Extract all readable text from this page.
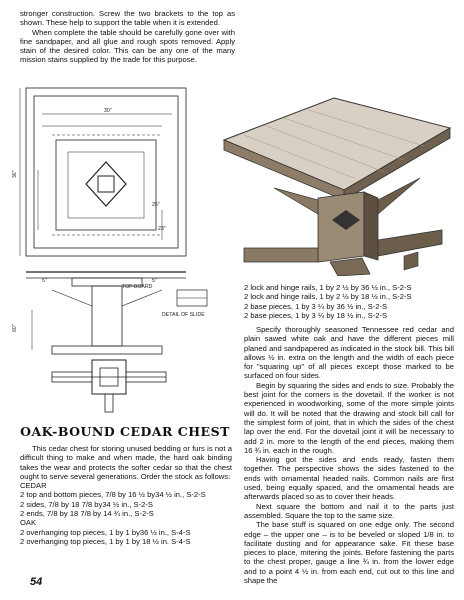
stronger construction. Screw the two brackets to the top as shown. These help to support the table when it is extended.

When complete the table should be carefully gone over with fine sandpaper, and all glue and rough spots removed. Apply stain of the desired color. This can be any one of the many mission stains supplied by the trade for this purpose.

30"
23"
5"	5"
25"
TOP BOARD
DETAIL OF SLIDE
36"
60"
OAK-BOUND CEDAR CHEST

This cedar chest for storing unused bedding or furs is not a difficult thing to make and when made, the hard oak binding takes the wear and protects the softer cedar so that the chest ought to serve several generations. Order the stock as follows:

CEDAR

2 top and bottom pieces, 7/8 by 16 ½ by34 ½ in., S-2-S

2 sides, 7/8 by 18 7/8 by34 ½ in., S-2-S

2 ends, 7/8 by 18 7/8 by 14 ¾ in., S-2-S

OAK

2 overhanging top pieces, 1 by 1 by36 ½ in., S-4-S

2 overhanging top pieces, 1 by 1 by 18 ½ in. S-4-S

2 lock and hinge rails, 1 by 2 ½ by 36 ½ in., S-2-S

2 lock and hinge rails, 1 by 2 ½ by 18 ½ in., S-2-S

2 base pieces, 1 by 3 ¼ by 36 ½ in., S-2-S

2 base pieces, 1 by 3 ¼ by 18 ½ in., S-2-S

Specify thoroughly seasoned Tennessee red cedar and plain sawed white oak and have the different pieces mill planed and sandpapered as indicated in the stock bill. This bill allows ½ in. extra on the length and the width of each piece for "squaring up" of all pieces except those marked to be surfaced on four sides.

Begin by squaring the sides and ends to size. Probably the best joint for the corners is the dovetail. If the worker is not experienced in woodworking, some of the more simple joints will do. It will be noted that the drawing and stock bill call for the simplest form of joint, that in which the sides of the chest lap over the end. For the dovetail joint it will be necessary to add 2 in. more to the length of the end pieces, making them 16 ¾ in. each in the rough.

Having got the sides and ends ready, fasten them together. The perspective shows the sides fastened to the ends with ornamental headed nails. Common nails are first used, being equally spaced, and the ornamental heads are afterwards placed so as to cover their heads.

Next square the bottom and nail it to the parts just assembled. Square the top to the same size.

The base stuff is squared on one edge only. The second edge – the upper one – is to be beveled or sloped 1/8 in. to facilitate dusting and for appearance sake. Fit these base pieces to place, mitering the joints. Before fastening the parts to the chest proper, gauge a line ¾ in. from the lower edge and to a point 4 ½ in. from each end, cut out to this line and shape the

54
